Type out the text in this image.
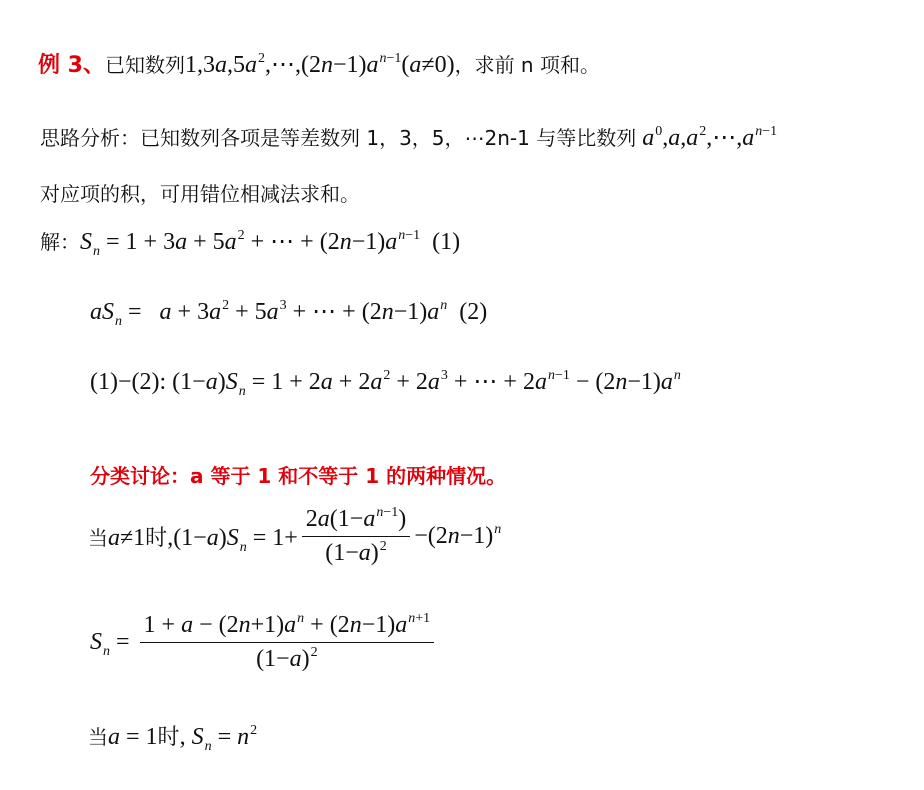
例 3、已知数列$1,3a,5a^2,\cdots,(2n-1)a^{n-1}(a\ne 0)$，求前 n 项和。
思路分析：已知数列各项是等差数列 1，3，5，⋯2n-1 与等比数列 $a^0,a,a^2,\cdots,a^{n-1}$
对应项的积，可用错位相减法求和。
解：$S_n = 1 + 3a + 5a^2$ + ⋯ + $(2n-1)a^{n-1}$  (1)
$aS_n = a + 3a^2 + 5a^3$ + ⋯ + $(2n-1)a^n$  (2)
(1)−(2): $(1-a)S_n = 1 + 2a + 2a^2 + 2a^3$ + ⋯ + $2a^{n-1} - (2n-1)a^n$
分类讨论：a 等于 1 和不等于 1 的两种情况。
当a≠1时$,(1-a)S_n = 1+ \frac{2a(1-a^{n-1})}{(1-a)^2} -(2n-1)^n$
$S_n = \frac{1 + a - (2n+1)a^n + (2n-1)a^{n+1}}{(1-a)^2}$
当a = 1时, $S_n = n^2$
